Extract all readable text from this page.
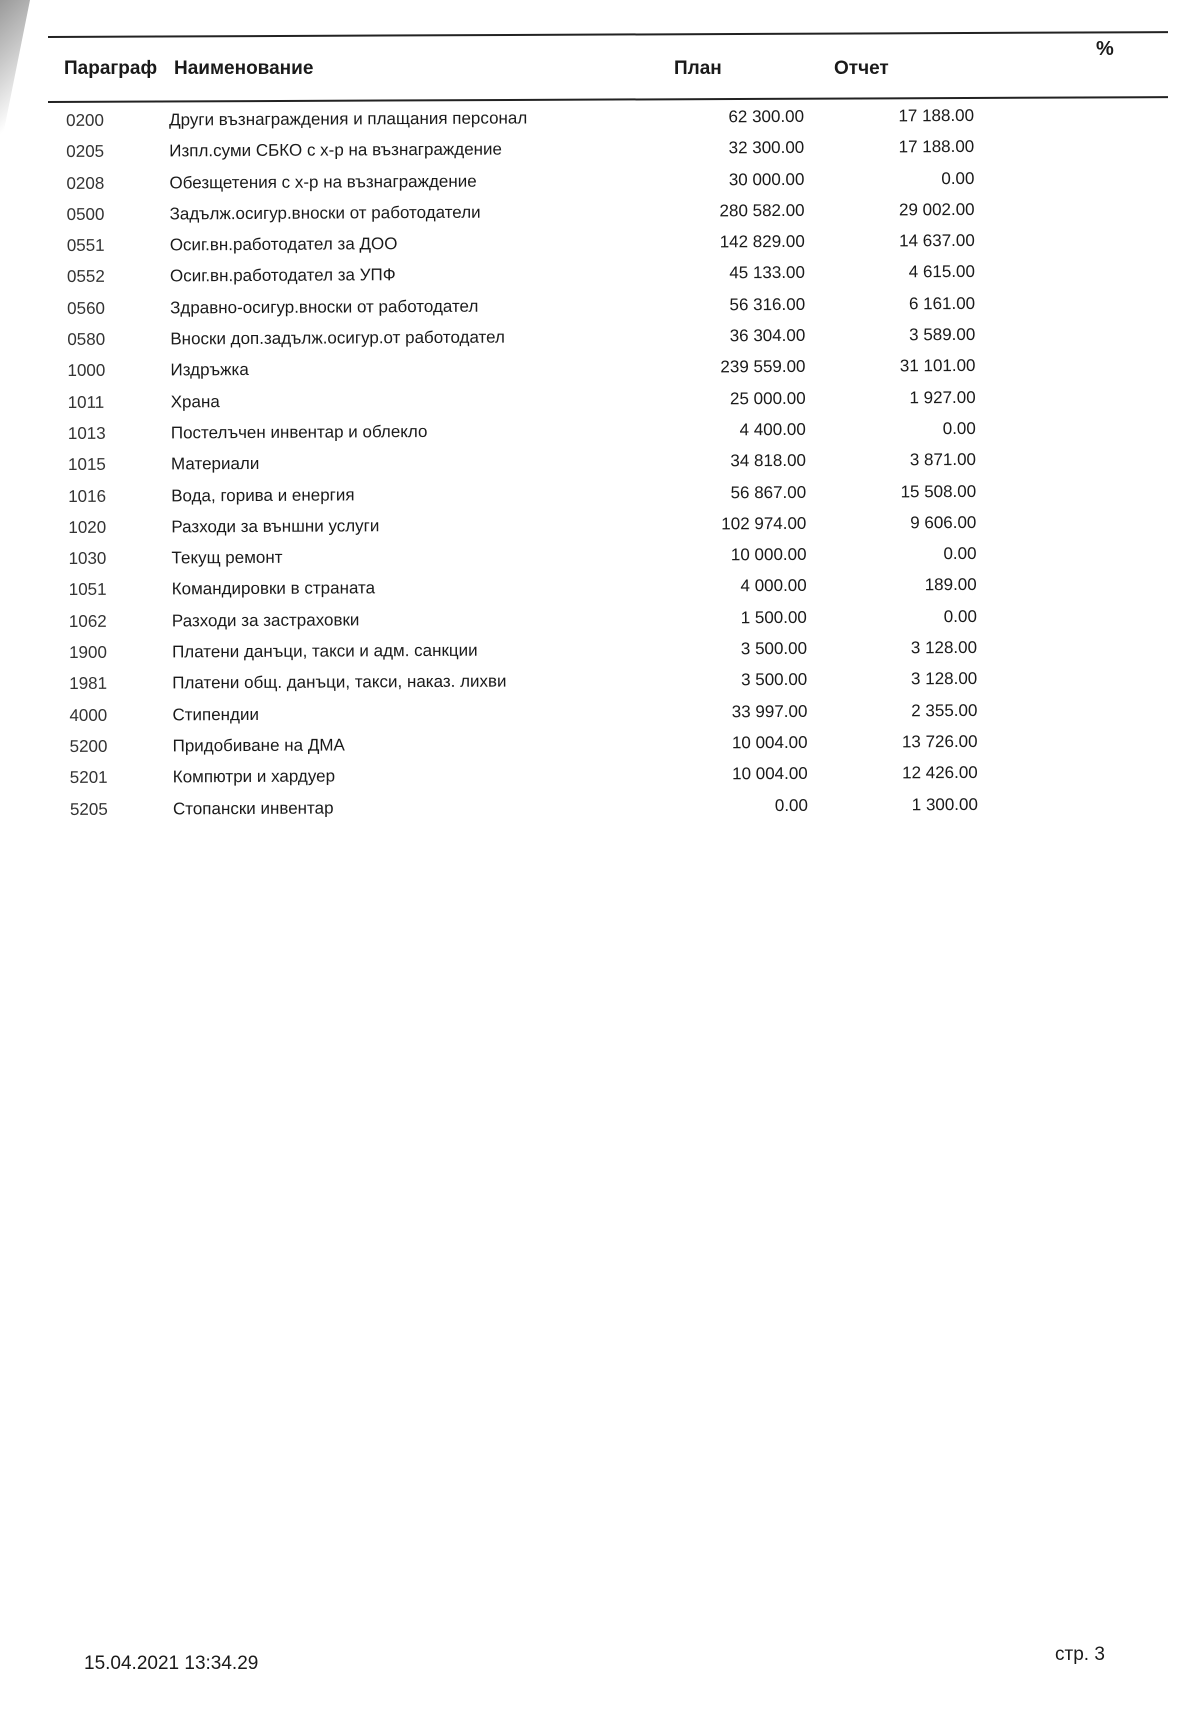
Параграф Наименование	План	Отчет
%
0200	Други възнаграждения и плащания персонал	62 300.00	17 188.00
0205	Изпл.суми СБКО с х-р на възнаграждение	32 300.00	17 188.00
0208	Обезщетения с х-р на възнаграждение	30 000.00	0.00
0500	Задълж.осигур.вноски от работодатели	280 582.00	29 002.00
0551	Осиг.вн.работодател за ДОО	142 829.00	14 637.00
0552	Осиг.вн.работодател за УПФ	45 133.00	4 615.00
0560	Здравно-осигур.вноски от работодател	56 316.00	6 161.00
0580	Вноски доп.задълж.осигур.от работодател	36 304.00	3 589.00
1000	Издръжка	239 559.00	31 101.00
1011	Храна	25 000.00	1 927.00
1013	Постелъчен инвентар и облекло	4 400.00	0.00
1015	Материали	34 818.00	3 871.00
1016	Вода, горива и енергия	56 867.00	15 508.00
1020	Разходи за външни услуги	102 974.00	9 606.00
1030	Текущ ремонт	10 000.00	0.00
1051	Командировки в страната	4 000.00	189.00
1062	Разходи за застраховки	1 500.00	0.00
1900	Платени данъци, такси и адм. санкции	3 500.00	3 128.00
1981	Платени общ. данъци, такси, наказ. лихви	3 500.00	3 128.00
4000	Стипендии	33 997.00	2 355.00
5200	Придобиване на ДМА	10 004.00	13 726.00
5201	Компютри и хардуер	10 004.00	12 426.00
5205	Стопански инвентар	0.00	1 300.00
15.04.2021 13:34.29	стр. 3
